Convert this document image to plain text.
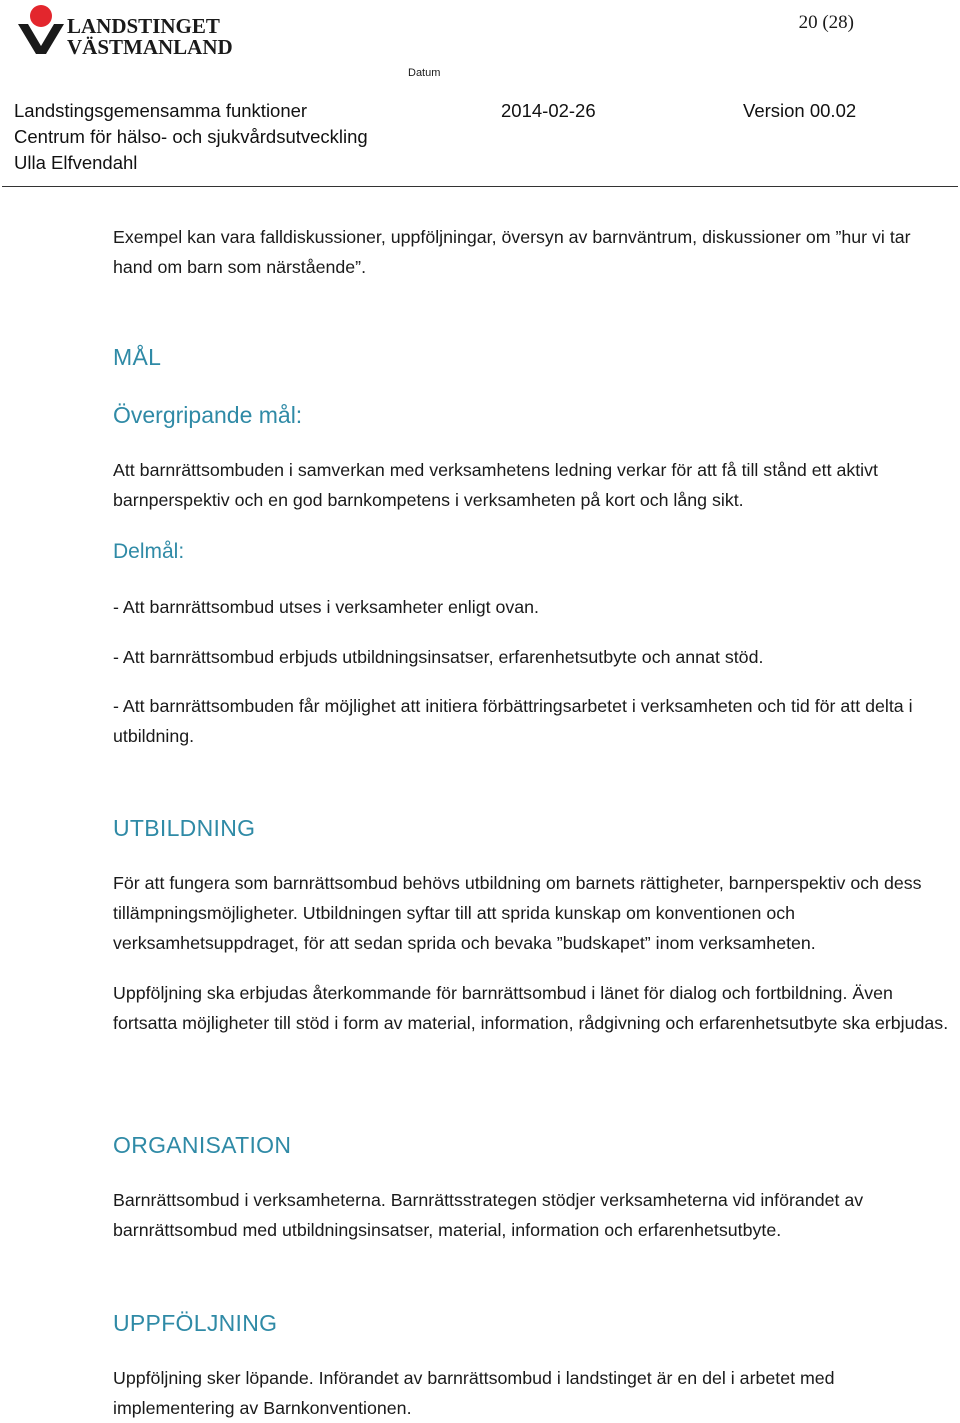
LANDSTINGET
VÄSTMANLAND
20 (28)
Datum
Landstingsgemensamma funktioner	2014-02-26	Version 00.02
Centrum för hälso- och sjukvårdsutveckling
Ulla Elfvendahl

Exempel kan vara falldiskussioner, uppföljningar, översyn av barnväntrum, diskussioner om ”hur vi tar hand om barn som närstående”.

MÅL
Övergripande mål:

Att barnrättsombuden i samverkan med verksamhetens ledning verkar för att få till stånd ett aktivt barnperspektiv och en god barnkompetens i verksamheten på kort och lång sikt.

Delmål:

- Att barnrättsombud utses i verksamheter enligt ovan.

- Att barnrättsombud erbjuds utbildningsinsatser, erfarenhetsutbyte och annat stöd.

- Att barnrättsombuden får möjlighet att initiera förbättringsarbetet i verksamheten och tid för att delta i utbildning.

UTBILDNING

För att fungera som barnrättsombud behövs utbildning om barnets rättigheter, barnperspektiv och dess tillämpningsmöjligheter. Utbildningen syftar till att sprida kunskap om konventionen och verksamhetsuppdraget, för att sedan sprida och bevaka ”budskapet” inom verksamheten.

Uppföljning ska erbjudas återkommande för barnrättsombud i länet för dialog och fortbildning. Även fortsatta möjligheter till stöd i form av material, information, rådgivning och erfarenhetsutbyte ska erbjudas.

ORGANISATION

Barnrättsombud i verksamheterna. Barnrättsstrategen stödjer verksamheterna vid införandet av barnrättsombud med utbildningsinsatser, material, information och erfarenhetsutbyte.

UPPFÖLJNING

Uppföljning sker löpande. Införandet av barnrättsombud i landstinget är en del i arbetet med implementering av Barnkonventionen.
